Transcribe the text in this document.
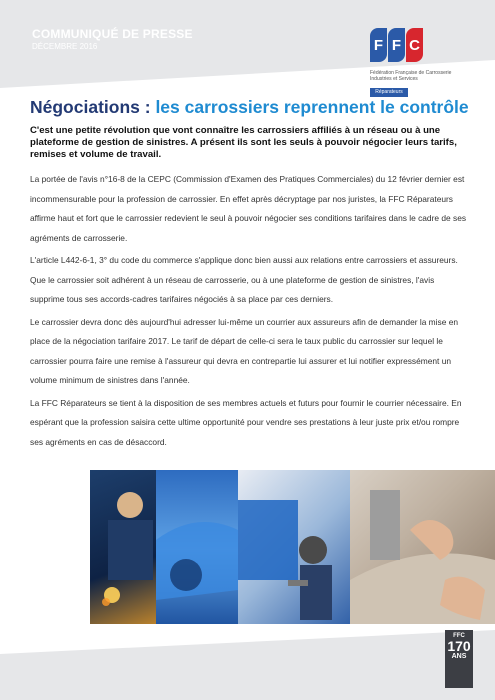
COMMUNIQUÉ DE PRESSE
DÉCEMBRE 2016	F F C
Fédération Française de Carrosserie Industries et Services
Réparateurs
Négociations : les carrossiers reprennent le contrôle
C'est une petite révolution que vont connaître les carrossiers affiliés à un réseau ou à une plateforme de gestion de sinistres. A présent ils sont les seuls à pouvoir négocier leurs tarifs, remises et volume de travail.

La portée de l'avis n°16-8 de la CEPC (Commission d'Examen des Pratiques Commerciales) du 12 février dernier est incommensurable pour la profession de carrossier. En effet après décryptage par nos juristes, la FFC Réparateurs affirme haut et fort que le carrossier redevient le seul à pouvoir négocier ses conditions tarifaires dans le cadre de ses agréments de carrosserie.

L'article L442-6-1, 3° du code du commerce s'applique donc bien aussi aux relations entre carrossiers et assureurs. Que le carrossier soit adhérent à un réseau de carrosserie, ou à une plateforme de gestion de sinistres, l'avis supprime tous ses accords-cadres tarifaires négociés à sa place par ces derniers.

Le carrossier devra donc dès aujourd'hui adresser lui-même un courrier aux assureurs afin de demander la mise en place de la négociation tarifaire 2017. Le tarif de départ de celle-ci sera le taux public du carrossier sur lequel le carrossier pourra faire une remise à l'assureur qui devra en contrepartie lui assurer et lui notifier expressément un volume minimum de sinistres dans l'année.

La FFC Réparateurs se tient à la disposition de ses membres actuels et futurs pour fournir le courrier nécessaire. En espérant que la profession saisira cette ultime opportunité pour vendre ses prestations à leur juste prix et/ou rompre ses agréments en cas de désaccord.

FFC
170
ANS
